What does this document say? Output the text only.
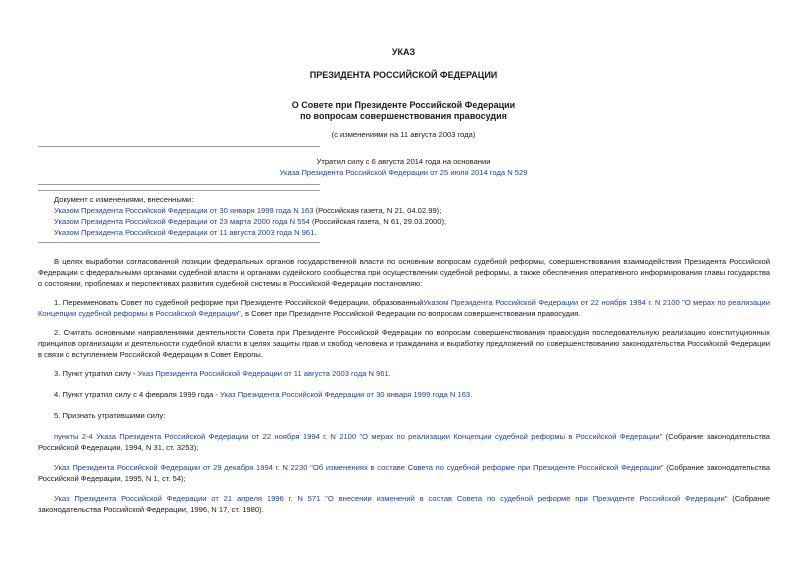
УКАЗ
ПРЕЗИДЕНТА РОССИЙСКОЙ ФЕДЕРАЦИИ
О Совете при Президенте Российской Федерации
по вопросам совершенствования правосудия
(с изменениями на 11 августа 2003 года)
Утратил силу с 6 августа 2014 года на основании
Указа Президента Российской Федерации от 25 июля 2014 года N 529
Документ с изменениями, внесенными:
Указом Президента Российской Федерации от 30 января 1999 года N 163 (Российская газета, N 21, 04.02.99);
Указом Президента Российской Федерации от 23 марта 2000 года N 554 (Российская газета, N 61, 29.03.2000);
Указом Президента Российской Федерации от 11 августа 2003 года N 961.
В целях выработки согласованной позиции федеральных органов государственной власти по основным вопросам судебной реформы, совершенствования взаимодействия Президента Российской Федерации с федеральными органами судебной власти и органами судейского сообщества при осуществлении судебной реформы, а также обеспечения оперативного информирования главы государства о состоянии, проблемах и перспективах развития судебной системы в Российской Федерации постановляю:
1. Переименовать Совет по судебной реформе при Президенте Российской Федерации, образованныйУказом Президента Российской Федерации от 22 ноября 1994 г. N 2100 "О мерах по реализации Концепции судебной реформы в Российской Федерации", в Совет при Президенте Российской Федерации по вопросам совершенствования правосудия.
2. Считать основными направлениями деятельности Совета при Президенте Российской Федерации по вопросам совершенствования правосудия последовательную реализацию конституционных принципов организации и деятельности судебной власти в целях защиты прав и свобод человека и гражданина и выработку предложений по совершенствованию законодательства Российской Федерации в связи с вступлением Российской Федерации в Совет Европы.
3. Пункт утратил силу - Указ Президента Российской Федерации от 11 августа 2003 года N 961.
4. Пункт утратил силу с 4 февраля 1999 года - Указ Президента Российской Федерации от 30 января 1999 года N 163.
5. Признать утратившими силу:
пункты 2-4 Указа Президента Российской Федерации от 22 ноября 1994 г. N 2100 "О мерах по реализации Концепции судебной реформы в Российской Федерации" (Собрание законодательства Российской Федерации, 1994, N 31, ст. 3253);
Указ Президента Российской Федерации от 29 декабря 1994 г. N 2230 "Об изменениях в составе Совета по судебной реформе при Президенте Российской Федерации" (Собрание законодательства Российской Федерации, 1995, N 1, ст. 54);
Указ Президента Российской Федерации от 21 апреля 1996 г. N 571 "О внесении изменений в состав Совета по судебной реформе при Президенте Российской Федерации" (Собрание законодательства Российской Федерации, 1996, N 17, ст. 1980).
